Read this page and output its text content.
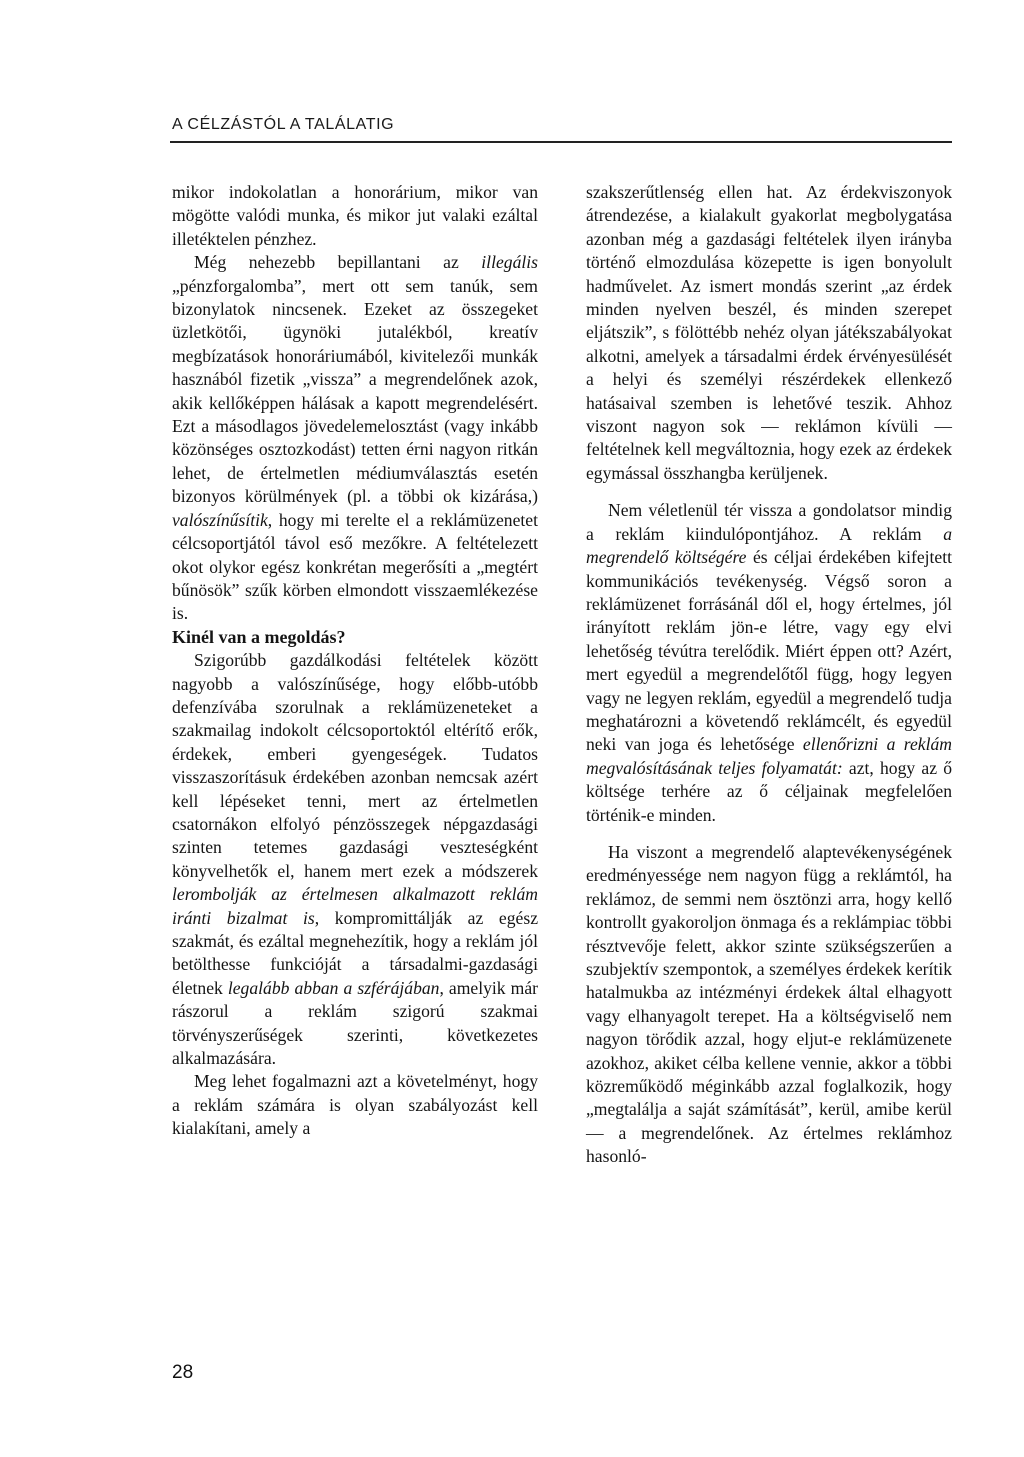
A CÉLZÁSTÓL A TALÁLATIG

mikor indokolatlan a honorárium, mikor van mögötte valódi munka, és mikor jut valaki ezáltal illetéktelen pénzhez.

Még nehezebb bepillantani az illegális „pénzforgalomba”, mert ott sem tanúk, sem bizonylatok nincsenek. Ezeket az összegeket üzletkötői, ügynöki jutalékból, kreatív megbízatások honoráriumából, kivitelezői munkák hasznából fizetik „vissza” a megrendelőnek azok, akik kellőképpen hálásak a kapott megrendelésért. Ezt a másodlagos jövedelemelosztást (vagy inkább közönséges osztozkodást) tetten érni nagyon ritkán lehet, de értelmetlen médiumválasztás esetén bizonyos körülmények (pl. a többi ok kizárása,) valószínűsítik, hogy mi terelte el a reklámüzenetet célcsoportjától távol eső mezőkre. A feltételezett okot olykor egész konkrétan megerősíti a „megtért bűnösök” szűk körben elmondott visszaemlékezése is.

Kinél van a megoldás?

Szigorúbb gazdálkodási feltételek között nagyobb a valószínűsége, hogy előbb-utóbb defenzívába szorulnak a reklámüzeneteket a szakmailag indokolt célcsoportoktól eltérítő erők, érdekek, emberi gyengeségek. Tudatos visszaszorításuk érdekében azonban nemcsak azért kell lépéseket tenni, mert az értelmetlen csatornákon elfolyó pénzösszegek népgazdasági szinten tetemes gazdasági veszteségként könyvelhetők el, hanem mert ezek a módszerek lerombolják az értelmesen alkalmazott reklám iránti bizalmat is, kompromittálják az egész szakmát, és ezáltal megnehezítik, hogy a reklám jól betölthesse funkcióját a társadalmi-gazdasági életnek legalább abban a szférájában, amelyik már rászorul a reklám szigorú szakmai törvényszerűségek szerinti, következetes alkalmazására.

Meg lehet fogalmazni azt a követelményt, hogy a reklám számára is olyan szabályozást kell kialakítani, amely a

szakszerűtlenség ellen hat. Az érdekviszonyok átrendezése, a kialakult gyakorlat megbolygatása azonban még a gazdasági feltételek ilyen irányba történő elmozdulása közepette is igen bonyolult hadművelet. Az ismert mondás szerint „az érdek minden nyelven beszél, és minden szerepet eljátszik”, s fölöttébb nehéz olyan játékszabályokat alkotni, amelyek a társadalmi érdek érvényesülését a helyi és személyi részérdekek ellenkező hatásaival szemben is lehetővé teszik. Ahhoz viszont nagyon sok — reklámon kívüli — feltételnek kell megváltoznia, hogy ezek az érdekek egymással összhangba kerüljenek.

Nem véletlenül tér vissza a gondolatsor mindig a reklám kiindulópontjához. A reklám a megrendelő költségére és céljai érdekében kifejtett kommunikációs tevékenység. Végső soron a reklámüzenet forrásánál dől el, hogy értelmes, jól irányított reklám jön-e létre, vagy egy elvi lehetőség tévútra terelődik. Miért éppen ott? Azért, mert egyedül a megrendelőtől függ, hogy legyen vagy ne legyen reklám, egyedül a megrendelő tudja meghatározni a követendő reklámcélt, és egyedül neki van joga és lehetősége ellenőrizni a reklám megvalósításának teljes folyamatát: azt, hogy az ő költsége terhére az ő céljainak megfelelően történik-e minden.

Ha viszont a megrendelő alaptevékenységének eredményessége nem nagyon függ a reklámtól, ha reklámoz, de semmi nem ösztönzi arra, hogy kellő kontrollt gyakoroljon önmaga és a reklámpiac többi résztvevője felett, akkor szinte szükségszerűen a szubjektív szempontok, a személyes érdekek kerítik hatalmukba az intézményi érdekek által elhagyott vagy elhanyagolt terepet. Ha a költségviselő nem nagyon törődik azzal, hogy eljut-e reklámüzenete azokhoz, akiket célba kellene vennie, akkor a többi közreműködő méginkább azzal foglalkozik, hogy „megtalálja a saját számítását”, kerül, amibe kerül — a megrendelőnek. Az értelmes reklámhoz hasonló-

28
